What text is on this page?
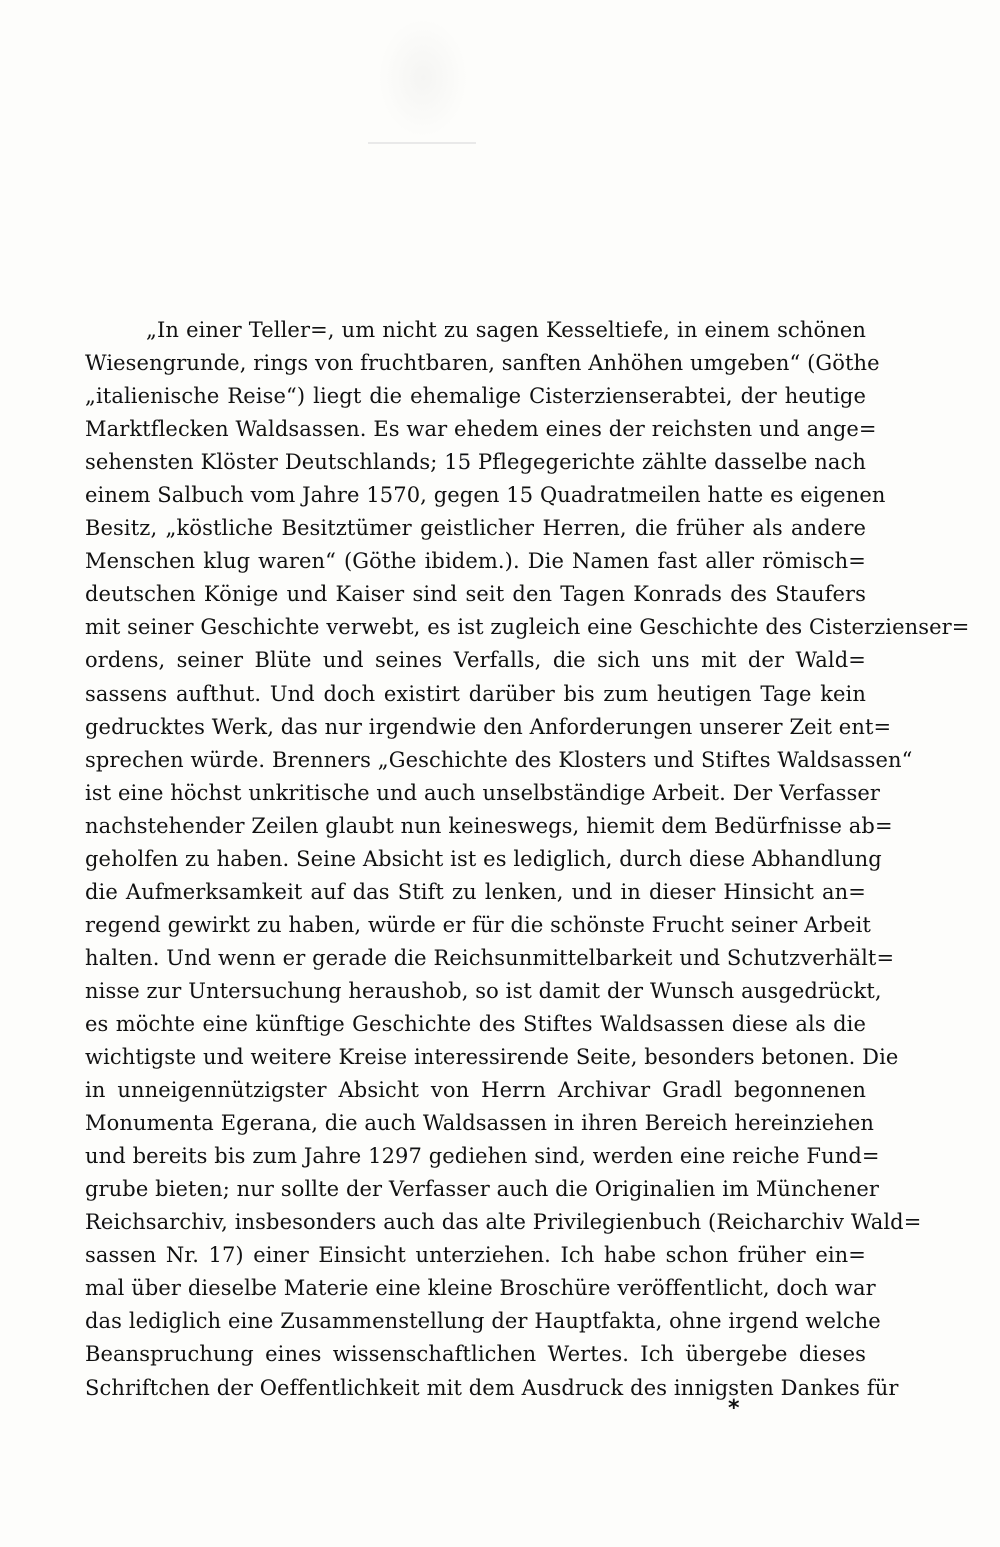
„In einer Teller=, um nicht zu sagen Kesseltiefe, in einem schönen
Wiesengrunde, rings von fruchtbaren, sanften Anhöhen umgeben“ (Göthe
„italienische Reise“) liegt die ehemalige Cisterzienserabtei, der heutige
Marktflecken Waldsassen. Es war ehedem eines der reichsten und ange=
sehensten Klöster Deutschlands; 15 Pflegegerichte zählte dasselbe nach
einem Salbuch vom Jahre 1570, gegen 15 Quadratmeilen hatte es eigenen
Besitz, „köstliche Besitztümer geistlicher Herren, die früher als andere
Menschen klug waren“ (Göthe ibidem.). Die Namen fast aller römisch=
deutschen Könige und Kaiser sind seit den Tagen Konrads des Staufers
mit seiner Geschichte verwebt, es ist zugleich eine Geschichte des Cisterzienser=
ordens, seiner Blüte und seines Verfalls, die sich uns mit der Wald=
sassens aufthut. Und doch existirt darüber bis zum heutigen Tage kein
gedrucktes Werk, das nur irgendwie den Anforderungen unserer Zeit ent=
sprechen würde. Brenners „Geschichte des Klosters und Stiftes Waldsassen“
ist eine höchst unkritische und auch unselbständige Arbeit. Der Verfasser
nachstehender Zeilen glaubt nun keineswegs, hiemit dem Bedürfnisse ab=
geholfen zu haben. Seine Absicht ist es lediglich, durch diese Abhandlung
die Aufmerksamkeit auf das Stift zu lenken, und in dieser Hinsicht an=
regend gewirkt zu haben, würde er für die schönste Frucht seiner Arbeit
halten. Und wenn er gerade die Reichsunmittelbarkeit und Schutzverhält=
nisse zur Untersuchung heraushob, so ist damit der Wunsch ausgedrückt,
es möchte eine künftige Geschichte des Stiftes Waldsassen diese als die
wichtigste und weitere Kreise interessirende Seite, besonders betonen. Die
in unneigennützigster Absicht von Herrn Archivar Gradl begonnenen
Monumenta Egerana, die auch Waldsassen in ihren Bereich hereinziehen
und bereits bis zum Jahre 1297 gediehen sind, werden eine reiche Fund=
grube bieten; nur sollte der Verfasser auch die Originalien im Münchener
Reichsarchiv, insbesonders auch das alte Privilegienbuch (Reicharchiv Wald=
sassen Nr. 17) einer Einsicht unterziehen. Ich habe schon früher ein=
mal über dieselbe Materie eine kleine Broschüre veröffentlicht, doch war
das lediglich eine Zusammenstellung der Hauptfakta, ohne irgend welche
Beanspruchung eines wissenschaftlichen Wertes. Ich übergebe dieses
Schriftchen der Oeffentlichkeit mit dem Ausdruck des innigsten Dankes für
*
